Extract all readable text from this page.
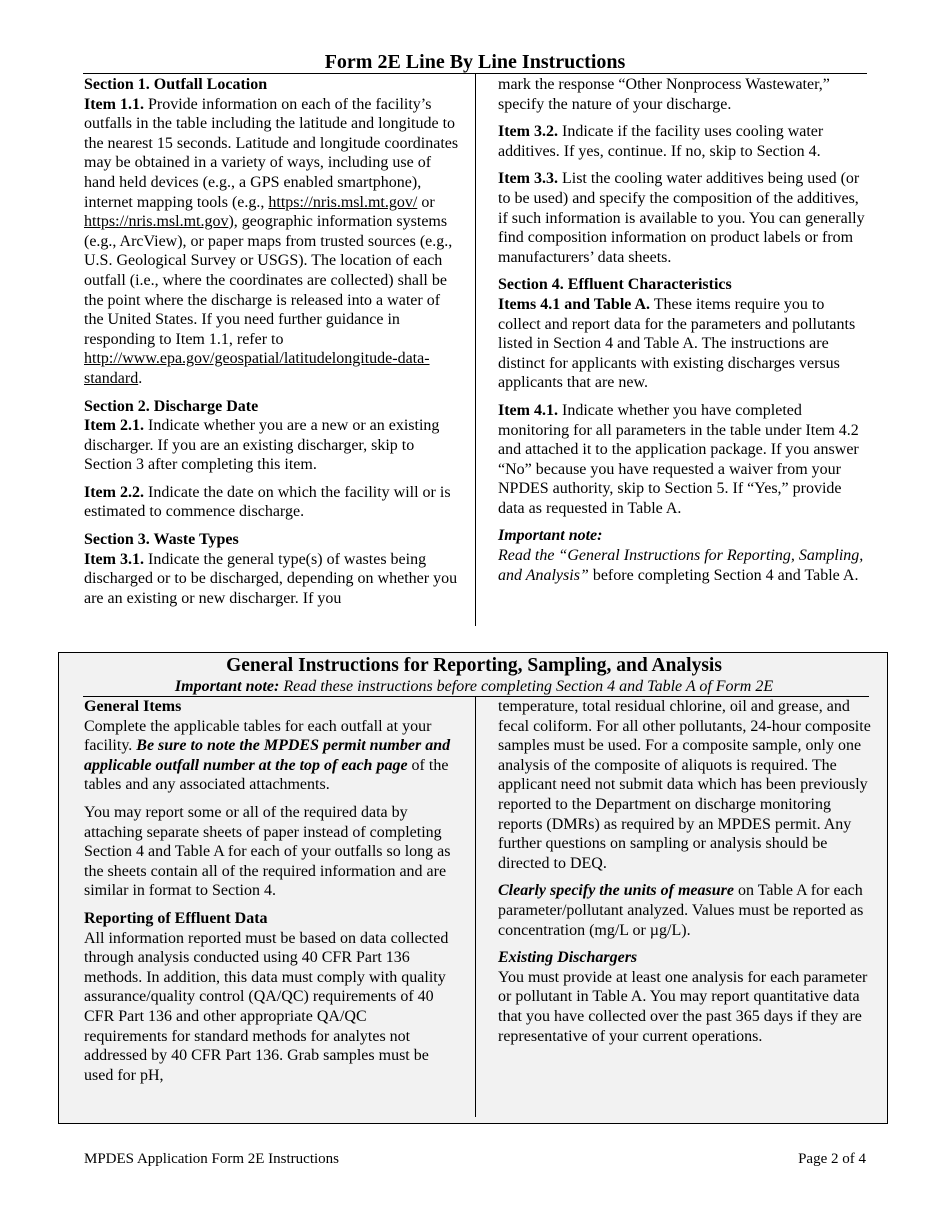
Form 2E Line By Line Instructions

Section 1. Outfall Location

Item 1.1. Provide information on each of the facility’s outfalls in the table including the latitude and longitude to the nearest 15 seconds. Latitude and longitude coordinates may be obtained in a variety of ways, including use of hand held devices (e.g., a GPS enabled smartphone), internet mapping tools (e.g., https://nris.msl.mt.gov/ or https://nris.msl.mt.gov), geographic information systems (e.g., ArcView), or paper maps from trusted sources (e.g., U.S. Geological Survey or USGS). The location of each outfall (i.e., where the coordinates are collected) shall be the point where the discharge is released into a water of the United States. If you need further guidance in responding to Item 1.1, refer to http://www.epa.gov/geospatial/latitudelongitude-data-standard.

Section 2. Discharge Date

Item 2.1. Indicate whether you are a new or an existing discharger. If you are an existing discharger, skip to Section 3 after completing this item.

Item 2.2. Indicate the date on which the facility will or is estimated to commence discharge.

Section 3. Waste Types

Item 3.1. Indicate the general type(s) of wastes being discharged or to be discharged, depending on whether you are an existing or new discharger. If you

mark the response “Other Nonprocess Wastewater,” specify the nature of your discharge.

Item 3.2. Indicate if the facility uses cooling water additives. If yes, continue. If no, skip to Section 4.

Item 3.3. List the cooling water additives being used (or to be used) and specify the composition of the additives, if such information is available to you. You can generally find composition information on product labels or from manufacturers’ data sheets.

Section 4. Effluent Characteristics

Items 4.1 and Table A. These items require you to collect and report data for the parameters and pollutants listed in Section 4 and Table A. The instructions are distinct for applicants with existing discharges versus applicants that are new.

Item 4.1. Indicate whether you have completed monitoring for all parameters in the table under Item 4.2 and attached it to the application package. If you answer “No” because you have requested a waiver from your NPDES authority, skip to Section 5. If “Yes,” provide data as requested in Table A.

Important note:

Read the “General Instructions for Reporting, Sampling, and Analysis” before completing Section 4 and Table A.

General Instructions for Reporting, Sampling, and Analysis

Important note: Read these instructions before completing Section 4 and Table A of Form 2E

General Items

Complete the applicable tables for each outfall at your facility. Be sure to note the MPDES permit number and applicable outfall number at the top of each page of the tables and any associated attachments.

You may report some or all of the required data by attaching separate sheets of paper instead of completing Section 4 and Table A for each of your outfalls so long as the sheets contain all of the required information and are similar in format to Section 4.

Reporting of Effluent Data

All information reported must be based on data collected through analysis conducted using 40 CFR Part 136 methods. In addition, this data must comply with quality assurance/quality control (QA/QC) requirements of 40 CFR Part 136 and other appropriate QA/QC requirements for standard methods for analytes not addressed by 40 CFR Part 136. Grab samples must be used for pH,

temperature, total residual chlorine, oil and grease, and fecal coliform. For all other pollutants, 24-hour composite samples must be used. For a composite sample, only one analysis of the composite of aliquots is required. The applicant need not submit data which has been previously reported to the Department on discharge monitoring reports (DMRs) as required by an MPDES permit. Any further questions on sampling or analysis should be directed to DEQ.

Clearly specify the units of measure on Table A for each parameter/pollutant analyzed. Values must be reported as concentration (mg/L or µg/L).

Existing Dischargers

You must provide at least one analysis for each parameter or pollutant in Table A. You may report quantitative data that you have collected over the past 365 days if they are representative of your current operations.

MPDES Application Form 2E Instructions	Page 2 of 4
